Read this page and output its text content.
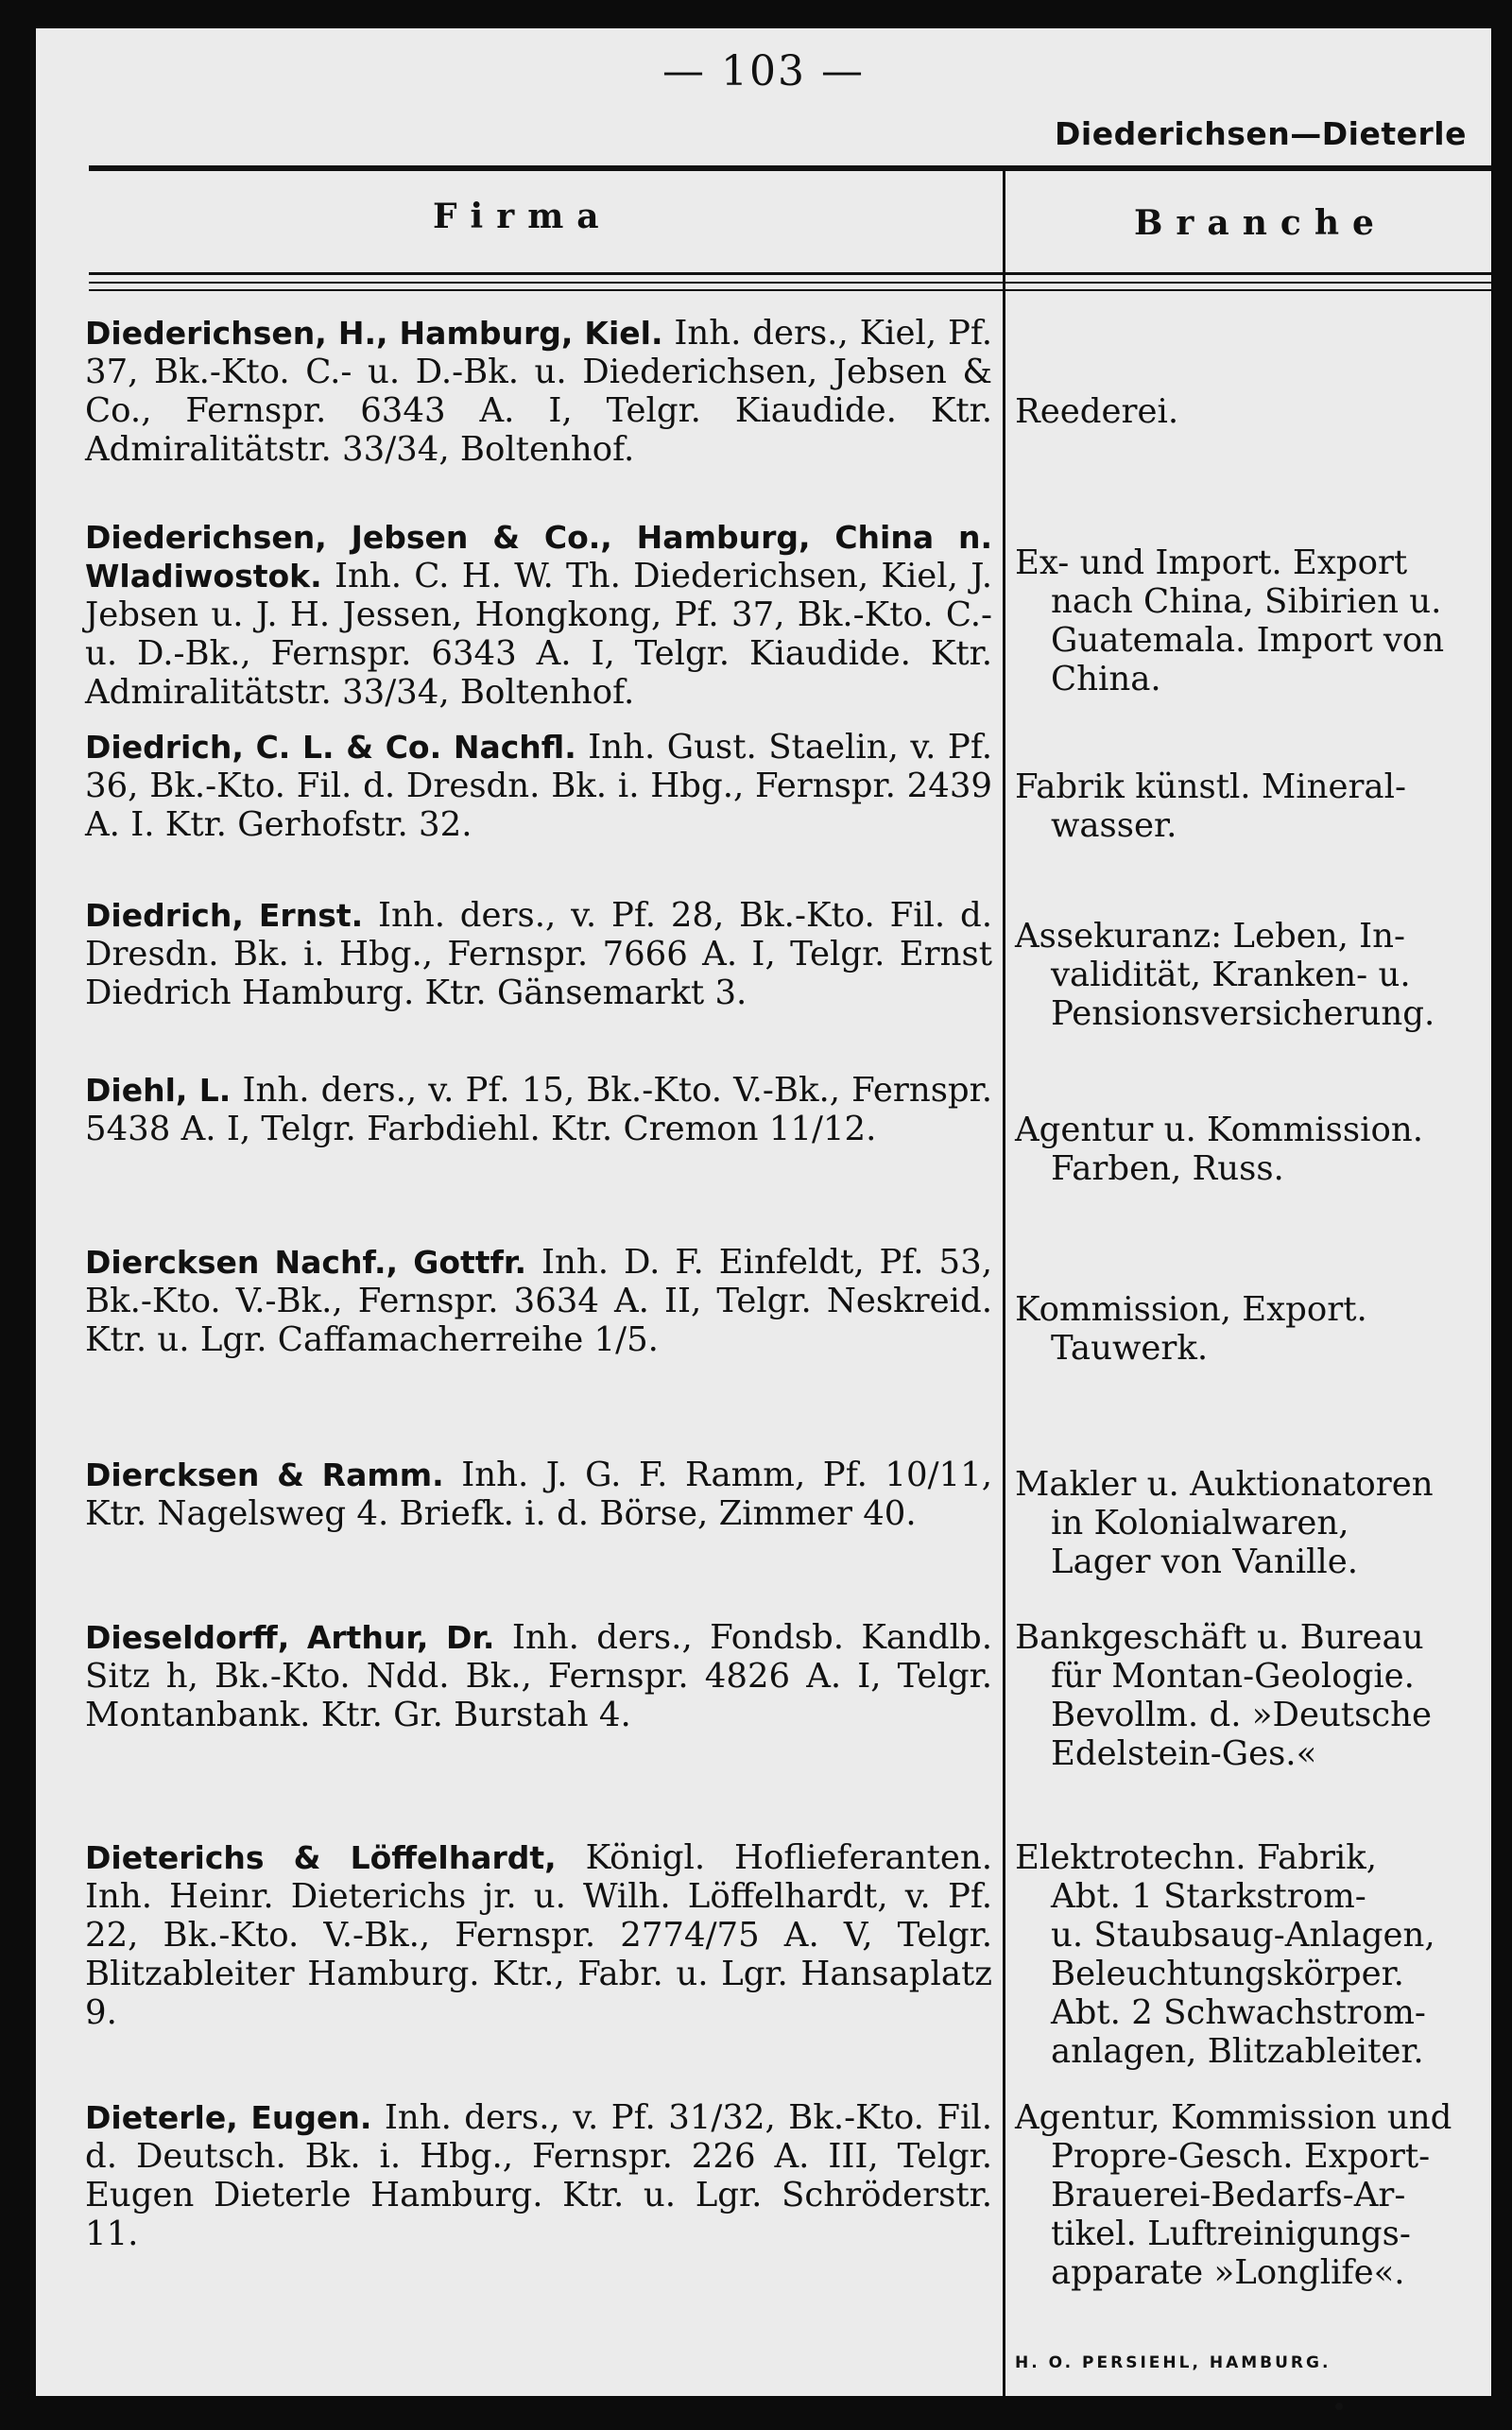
— 103 —
Diederichsen—Dieterle
Firma	Branche
Diederichsen, H., Hamburg, Kiel. Inh. ders., Kiel, Pf. 37, Bk.-Kto. C.- u. D.-Bk. u. Diederichsen, Jebsen & Co., Fernspr. 6343 A. I, Telgr. Kiaudide. Ktr. Admiralitätstr. 33/34, Boltenhof.
Reederei.
Diederichsen, Jebsen & Co., Hamburg, China n. Wladiwostok. Inh. C. H. W. Th. Diederichsen, Kiel, J. Jebsen u. J. H. Jessen, Hongkong, Pf. 37, Bk.-Kto. C.- u. D.-Bk., Fernspr. 6343 A. I, Telgr. Kiaudide. Ktr. Admiralitätstr. 33/34, Boltenhof.
Ex- und Import. Export
nach China, Sibirien u.
Guatemala. Import von
China.
Diedrich, C. L. & Co. Nachfl. Inh. Gust. Staelin, v. Pf. 36, Bk.-Kto. Fil. d. Dresdn. Bk. i. Hbg., Fernspr. 2439 A. I. Ktr. Gerhofstr. 32.
Fabrik künstl. Mineral-
wasser.
Diedrich, Ernst. Inh. ders., v. Pf. 28, Bk.-Kto. Fil. d. Dresdn. Bk. i. Hbg., Fernspr. 7666 A. I, Telgr. Ernst Diedrich Hamburg. Ktr. Gänsemarkt 3.
Assekuranz: Leben, In-
validität, Kranken- u.
Pensionsversicherung.
Diehl, L. Inh. ders., v. Pf. 15, Bk.-Kto. V.-Bk., Fernspr. 5438 A. I, Telgr. Farbdiehl. Ktr. Cremon 11/12.	Agentur u. Kommission.
Farben, Russ.
Diercksen Nachf., Gottfr. Inh. D. F. Einfeldt, Pf. 53, Bk.-Kto. V.-Bk., Fernspr. 3634 A. II, Telgr. Neskreid. Ktr. u. Lgr. Caffamacherreihe 1/5.
Kommission, Export.
Tauwerk.
Diercksen & Ramm. Inh. J. G. F. Ramm, Pf. 10/11, Ktr. Nagelsweg 4. Briefk. i. d. Börse, Zimmer 40.
Makler u. Auktionatoren
in Kolonialwaren,
Lager von Vanille.
Dieseldorff, Arthur, Dr. Inh. ders., Fondsb. Kandlb. Sitz h, Bk.-Kto. Ndd. Bk., Fernspr. 4826 A. I, Telgr. Montanbank. Ktr. Gr. Burstah 4.
Bankgeschäft u. Bureau
für Montan-Geologie.
Bevollm. d. »Deutsche
Edelstein-Ges.«
Dieterichs & Löffelhardt, Königl. Hoflieferanten. Inh. Heinr. Dieterichs jr. u. Wilh. Löffelhardt, v. Pf. 22, Bk.-Kto. V.-Bk., Fernspr. 2774/75 A. V, Telgr. Blitzableiter Hamburg. Ktr., Fabr. u. Lgr. Hansaplatz 9.
Elektrotechn. Fabrik,
Abt. 1 Starkstrom-
u. Staubsaug-Anlagen,
Beleuchtungskörper.
Abt. 2 Schwachstrom-
anlagen, Blitzableiter.
Dieterle, Eugen. Inh. ders., v. Pf. 31/32, Bk.-Kto. Fil. d. Deutsch. Bk. i. Hbg., Fernspr. 226 A. III, Telgr. Eugen Dieterle Hamburg. Ktr. u. Lgr. Schröderstr. 11.
Agentur, Kommission und
Propre-Gesch. Export-
Brauerei-Bedarfs-Ar-
tikel. Luftreinigungs-
apparate »Longlife«.
H. O. PERSIEHL, HAMBURG.
